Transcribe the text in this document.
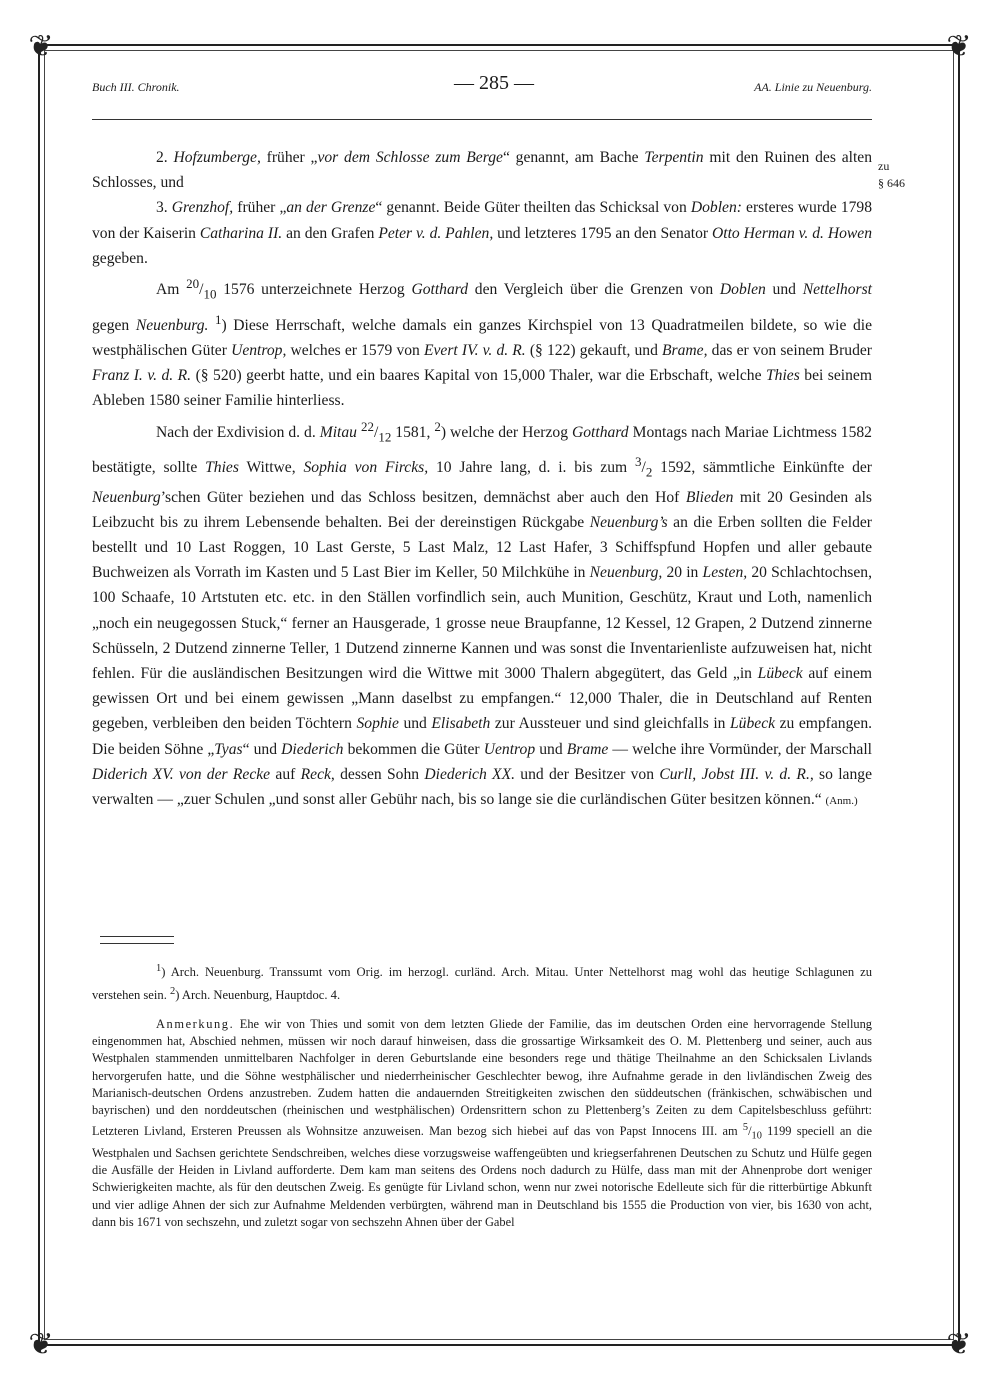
❦	❦
❦	❦
Buch III. Chronik.	— 285 —	AA. Linie zu Neuenburg.
zu
§ 646

2. Hofzumberge, früher „vor dem Schlosse zum Berge“ genannt, am Bache Terpentin mit den Ruinen des alten Schlosses, und

3. Grenzhof, früher „an der Grenze“ genannt. Beide Güter theilten das Schicksal von Doblen: ersteres wurde 1798 von der Kaiserin Catharina II. an den Grafen Peter v. d. Pahlen, und letzteres 1795 an den Senator Otto Herman v. d. Howen gegeben.

Am $^{20}/_{10}$ 1576 unterzeichnete Herzog Gotthard den Vergleich über die Grenzen von Doblen und Nettelhorst gegen Neuenburg. $^1$) Diese Herrschaft, welche damals ein ganzes Kirchspiel von 13 Quadratmeilen bildete, so wie die westphälischen Güter Uentrop, welches er 1579 von Evert IV. v. d. R. (§ 122) gekauft, und Brame, das er von seinem Bruder Franz I. v. d. R. (§ 520) geerbt hatte, und ein baares Kapital von 15,000 Thaler, war die Erbschaft, welche Thies bei seinem Ableben 1580 seiner Familie hinterliess.

Nach der Exdivision d. d. Mitau $^{22}/_{12}$ 1581, $^2$) welche der Herzog Gotthard Montags nach Mariae Lichtmess 1582 bestätigte, sollte Thies Wittwe, Sophia von Fircks, 10 Jahre lang, d. i. bis zum $^3/_2$ 1592, sämmtliche Einkünfte der Neuenburg’schen Güter beziehen und das Schloss besitzen, demnächst aber auch den Hof Blieden mit 20 Gesinden als Leibzucht bis zu ihrem Lebensende behalten. Bei der dereinstigen Rückgabe Neuenburg’s an die Erben sollten die Felder bestellt und 10 Last Roggen, 10 Last Gerste, 5 Last Malz, 12 Last Hafer, 3 Schiffspfund Hopfen und aller gebaute Buchweizen als Vorrath im Kasten und 5 Last Bier im Keller, 50 Milchkühe in Neuenburg, 20 in Lesten, 20 Schlachtochsen, 100 Schaafe, 10 Artstuten etc. etc. in den Ställen vorfindlich sein, auch Munition, Geschütz, Kraut und Loth, namenlich „noch ein neugegossen Stuck,“ ferner an Hausgerade, 1 grosse neue Braupfanne, 12 Kessel, 12 Grapen, 2 Dutzend zinnerne Schüsseln, 2 Dutzend zinnerne Teller, 1 Dutzend zinnerne Kannen und was sonst die Inventarienliste aufzuweisen hat, nicht fehlen. Für die ausländischen Besitzungen wird die Wittwe mit 3000 Thalern abgegütert, das Geld „in Lübeck auf einem gewissen Ort und bei einem gewissen „Mann daselbst zu empfangen.“ 12,000 Thaler, die in Deutschland auf Renten gegeben, verbleiben den beiden Töchtern Sophie und Elisabeth zur Aussteuer und sind gleichfalls in Lübeck zu empfangen. Die beiden Söhne „Tyas“ und Diederich bekommen die Güter Uentrop und Brame — welche ihre Vormünder, der Marschall Diderich XV. von der Recke auf Reck, dessen Sohn Diederich XX. und der Besitzer von Curll, Jobst III. v. d. R., so lange verwalten — „zuer Schulen „und sonst aller Gebühr nach, bis so lange sie die curländischen Güter besitzen können.“ (Anm.)

$^1$) Arch. Neuenburg. Transsumt vom Orig. im herzogl. curländ. Arch. Mitau. Unter Nettelhorst mag wohl das heutige Schlagunen zu verstehen sein. $^2$) Arch. Neuenburg, Hauptdoc. 4.

Anmerkung. Ehe wir von Thies und somit von dem letzten Gliede der Familie, das im deutschen Orden eine hervorragende Stellung eingenommen hat, Abschied nehmen, müssen wir noch darauf hinweisen, dass die grossartige Wirksamkeit des O. M. Plettenberg und seiner, auch aus Westphalen stammenden unmittelbaren Nachfolger in deren Geburtslande eine besonders rege und thätige Theilnahme an den Schicksalen Livlands hervorgerufen hatte, und die Söhne westphälischer und niederrheinischer Geschlechter bewog, ihre Aufnahme gerade in den livländischen Zweig des Marianisch-deutschen Ordens anzustreben. Zudem hatten die andauernden Streitigkeiten zwischen den süddeutschen (fränkischen, schwäbischen und bayrischen) und den norddeutschen (rheinischen und westphälischen) Ordensrittern schon zu Plettenberg’s Zeiten zu dem Capitelsbeschluss geführt: Letzteren Livland, Ersteren Preussen als Wohnsitze anzuweisen. Man bezog sich hiebei auf das von Papst Innocens III. am $^5/_{10}$ 1199 speciell an die Westphalen und Sachsen gerichtete Sendschreiben, welches diese vorzugsweise waffengeübten und kriegserfahrenen Deutschen zu Schutz und Hülfe gegen die Ausfälle der Heiden in Livland aufforderte. Dem kam man seitens des Ordens noch dadurch zu Hülfe, dass man mit der Ahnenprobe dort weniger Schwierigkeiten machte, als für den deutschen Zweig. Es genügte für Livland schon, wenn nur zwei notorische Edelleute sich für die ritterbürtige Abkunft und vier adlige Ahnen der sich zur Aufnahme Meldenden verbürgten, während man in Deutschland bis 1555 die Production von vier, bis 1630 von acht, dann bis 1671 von sechszehn, und zuletzt sogar von sechszehn Ahnen über der Gabel
